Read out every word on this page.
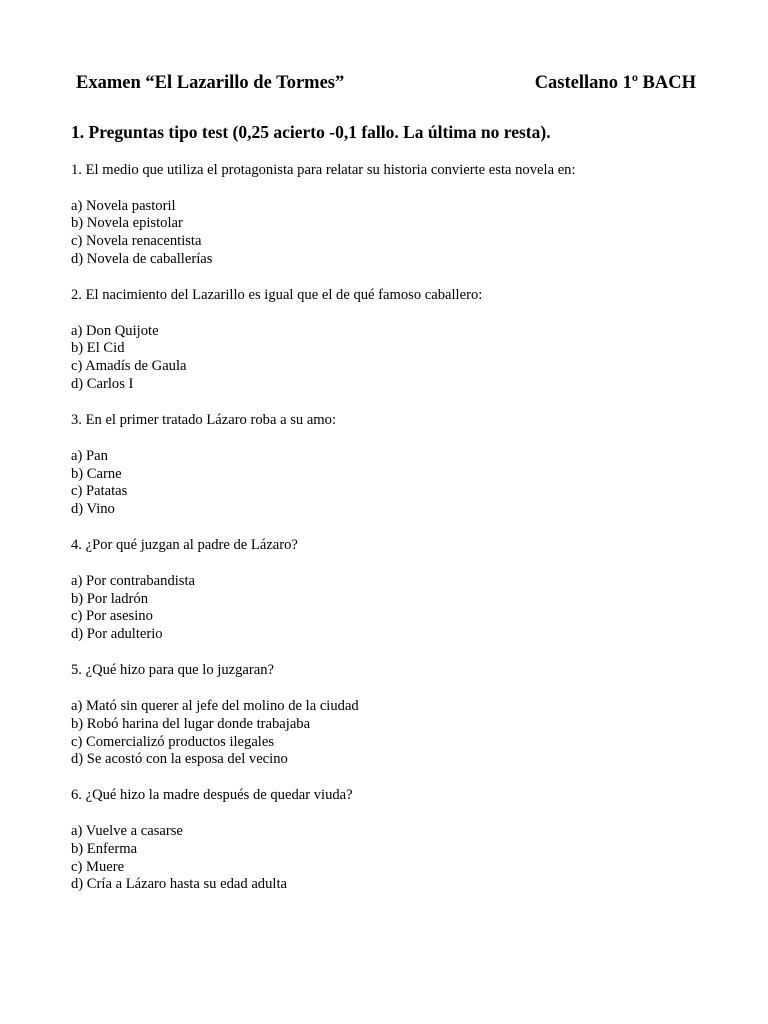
Examen “El Lazarillo de Tormes”	Castellano 1º BACH
1. Preguntas tipo test (0,25 acierto -0,1 fallo. La última no resta).

1. El medio que utiliza el protagonista para relatar su historia convierte esta novela en:

a) Novela pastoril

b) Novela epistolar

c) Novela renacentista

d) Novela de caballerías

2. El nacimiento del Lazarillo es igual que el de qué famoso caballero:

a) Don Quijote

b) El Cid

c) Amadís de Gaula

d) Carlos I

3. En el primer tratado Lázaro roba a su amo:

a) Pan

b) Carne

c) Patatas

d) Vino

4. ¿Por qué juzgan al padre de Lázaro?

a) Por contrabandista

b) Por ladrón

c) Por asesino

d) Por adulterio

5. ¿Qué hizo para que lo juzgaran?

a) Mató sin querer al jefe del molino de la ciudad

b) Robó harina del lugar donde trabajaba

c) Comercializó productos ilegales

d) Se acostó con la esposa del vecino

6. ¿Qué hizo la madre después de quedar viuda?

a) Vuelve a casarse

b) Enferma

c) Muere

d) Cría a Lázaro hasta su edad adulta
